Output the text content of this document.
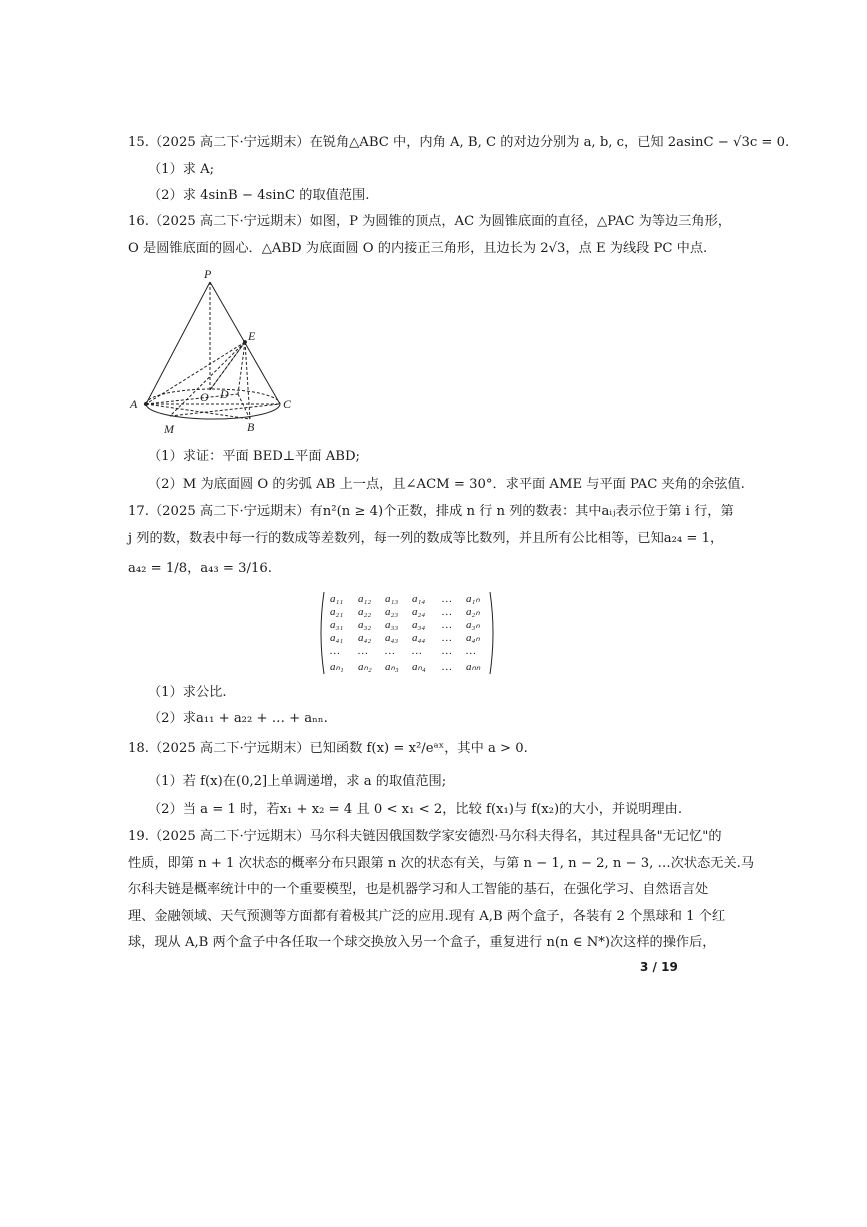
15.（2025 高二下·宁远期末）在锐角△ABC 中，内角 A, B, C 的对边分别为 a, b, c，已知 2asinC − √3c = 0.
（1）求 A;
（2）求 4sinB − 4sinC 的取值范围.
16.（2025 高二下·宁远期末）如图，P 为圆锥的顶点，AC 为圆锥底面的直径，△PAC 为等边三角形，
O 是圆锥底面的圆心．△ABD 为底面圆 O 的内接正三角形，且边长为 2√3，点 E 为线段 PC 中点.
P
E
A	O D
C
M	B
（1）求证：平面 BED⊥平面 ABD;
（2）M 为底面圆 O 的劣弧 AB 上一点，且∠ACM = 30°．求平面 AME 与平面 PAC 夹角的余弦值.
17.（2025 高二下·宁远期末）有n²(n ≥ 4)个正数，排成 n 行 n 列的数表：其中aᵢⱼ表示位于第 i 行，第
j 列的数，数表中每一行的数成等差数列，每一列的数成等比数列，并且所有公比相等，已知a₂₄ = 1，
a₄₂ = 1/8，a₄₃ = 3/16.
a₁₁ a₁₂ a₁₃ a₁₄ … a₁ₙ
a₂₁ a₂₂ a₂₃ a₂₄ … a₂ₙ
a₃₁ a₃₂ a₃₃ a₃₄ … a₃ₙ
a₄₁ a₄₂ a₄₃ a₄₄ … a₄ₙ
… … … … … …
aₙ₁ aₙ₂ aₙ₃ aₙ₄ … aₙₙ
（1）求公比.
（2）求a₁₁ + a₂₂ + … + aₙₙ.
18.（2025 高二下·宁远期末）已知函数 f(x) = x²/eᵃˣ，其中 a > 0.
（1）若 f(x)在(0,2]上单调递增，求 a 的取值范围;
（2）当 a = 1 时，若x₁ + x₂ = 4 且 0 < x₁ < 2，比较 f(x₁)与 f(x₂)的大小，并说明理由.
19.（2025 高二下·宁远期末）马尔科夫链因俄国数学家安德烈·马尔科夫得名，其过程具备"无记忆"的
性质，即第 n + 1 次状态的概率分布只跟第 n 次的状态有关，与第 n − 1, n − 2, n − 3, …次状态无关.马
尔科夫链是概率统计中的一个重要模型，也是机器学习和人工智能的基石，在强化学习、自然语言处
理、金融领域、天气预测等方面都有着极其广泛的应用.现有 A,B 两个盒子，各装有 2 个黑球和 1 个红
球，现从 A,B 两个盒子中各任取一个球交换放入另一个盒子，重复进行 n(n ∈ N*)次这样的操作后，
3 / 19
